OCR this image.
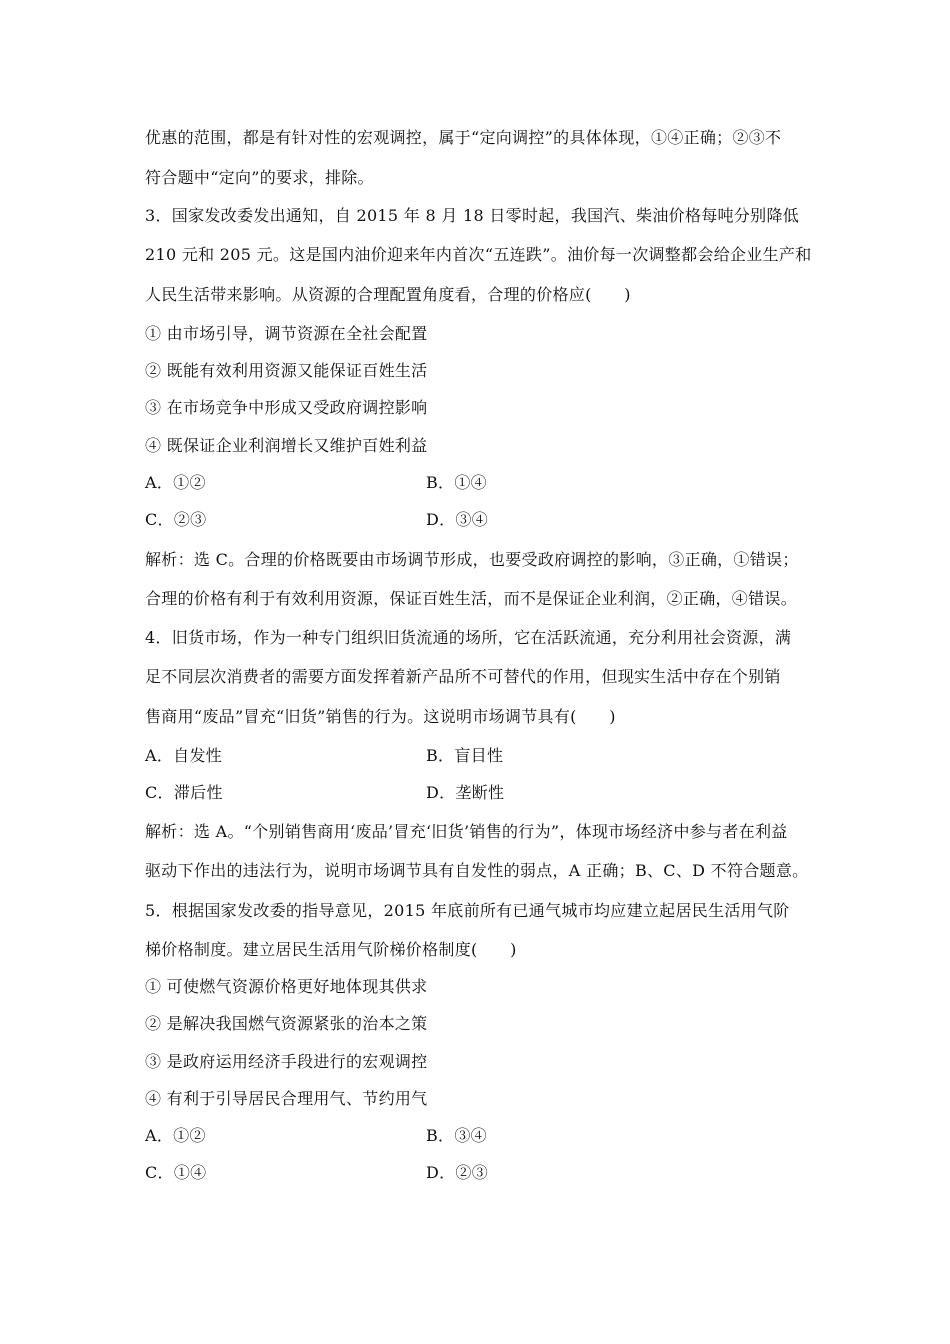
优惠的范围，都是有针对性的宏观调控，属于“定向调控”的具体体现，①④正确；②③不
符合题中“定向”的要求，排除。
3．国家发改委发出通知，自 2015 年 8 月 18 日零时起，我国汽、柴油价格每吨分别降低
210 元和 205 元。这是国内油价迎来年内首次“五连跌”。油价每一次调整都会给企业生产和
人民生活带来影响。从资源的合理配置角度看，合理的价格应(　　)
① 由市场引导，调节资源在全社会配置
② 既能有效利用资源又能保证百姓生活
③ 在市场竞争中形成又受政府调控影响
④ 既保证企业利润增长又维护百姓利益
A．①②	B．①④
C．②③	D．③④
解析：选 C。合理的价格既要由市场调节形成，也要受政府调控的影响，③正确，①错误；
合理的价格有利于有效利用资源，保证百姓生活，而不是保证企业利润，②正确，④错误。
4．旧货市场，作为一种专门组织旧货流通的场所，它在活跃流通，充分利用社会资源，满
足不同层次消费者的需要方面发挥着新产品所不可替代的作用，但现实生活中存在个别销
售商用“废品”冒充“旧货”销售的行为。这说明市场调节具有(　　)
A．自发性	B．盲目性
C．滞后性	D．垄断性
解析：选 A。“个别销售商用‘废品’冒充‘旧货’销售的行为”，体现市场经济中参与者在利益
驱动下作出的违法行为，说明市场调节具有自发性的弱点，A 正确；B、C、D 不符合题意。
5．根据国家发改委的指导意见，2015 年底前所有已通气城市均应建立起居民生活用气阶
梯价格制度。建立居民生活用气阶梯价格制度(　　)
① 可使燃气资源价格更好地体现其供求
② 是解决我国燃气资源紧张的治本之策
③ 是政府运用经济手段进行的宏观调控
④ 有利于引导居民合理用气、节约用气
A．①②	B．③④
C．①④	D．②③
